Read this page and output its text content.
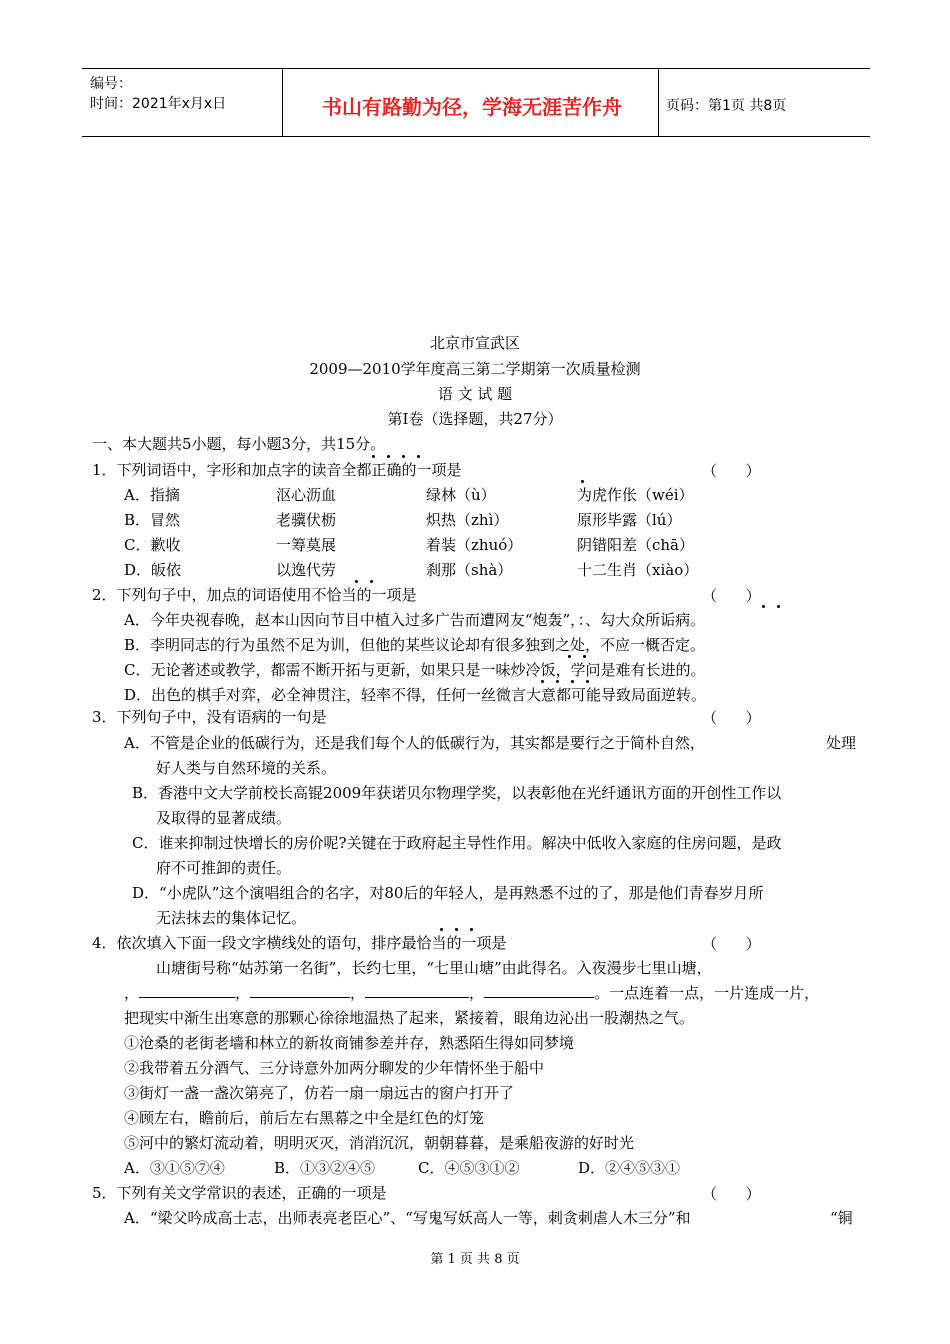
编号：
时间：2021年x月x日	书山有路勤为径，学海无涯苦作舟	页码：第1页 共8页
北京市宣武区
2009—2010学年度高三第二学期第一次质量检测
语 文 试 题
第Ⅰ卷（选择题，共27分）
一、本大题共5小题，每小题3分，共15分。
1．下列词语中，字形和加点字的读音全都正确的一项是	（      ）
A．指摘	沤心沥血	绿林（ù）	为虎作伥（wéi）
B．冒然	老骥伏枥	炽热（zhì）	原形毕露（lú）
C．歉收	一筹莫展	着装（zhuó）	阴错阳差（chā）
D．皈依	以逸代劳	刹那（shà）	十二生肖（xiào）
2．下列句子中，加点的词语使用不恰当的一项是	（      ）
A．今年央视春晚，赵本山因向节目中植入过多广告而遭网友“炮轰”，：、勾大众所诟病。
B．李明同志的行为虽然不足为训，但他的某些议论却有很多独到之处，不应一概否定。
C．无论著述或教学，都需不断开拓与更新，如果只是一味炒冷饭，学问是难有长进的。
D．出色的棋手对弈，必全神贯注，轻率不得，任何一丝微言大意都可能导致局面逆转。
3．下列句子中，没有语病的一句是	（      ）
A．不管是企业的低碳行为，还是我们每个人的低碳行为，其实都是要行之于简朴自然，	处理
好人类与自然环境的关系。
B．香港中文大学前校长高锟2009年获诺贝尔物理学奖，以表彰他在光纤通讯方面的开创性工作以
及取得的显著成绩。
C．谁来抑制过快增长的房价呢?关键在于政府起主导性作用。解决中低收入家庭的住房问题，是政
府不可推卸的责任。
D．“小虎队”这个演唱组合的名字，对80后的年轻人，是再熟悉不过的了，那是他们青春岁月所
无法抹去的集体记忆。
4．依次填入下面一段文字横线处的语句，排序最恰当的一项是	（      ）
山塘街号称“姑苏第一名街”，长约七里，“七里山塘”由此得名。入夜漫步七里山塘，
，	，	，	，	。一点连着一点，一片连成一片，
把现实中渐生出寒意的那颗心徐徐地温热了起来，紧接着，眼角边沁出一股潮热之气。
①沧桑的老街老墙和林立的新妆商铺参差并存，熟悉陌生得如同梦境
②我带着五分酒气、三分诗意外加两分聊发的少年情怀坐于船中
③街灯一盏一盏次第亮了，仿若一扇一扇远古的窗户打开了
④顾左右，瞻前后，前后左右黑幕之中全是红色的灯笼
⑤河中的繁灯流动着，明明灭灭，消消沉沉，朝朝暮暮，是乘船夜游的好时光
A．③①⑤⑦④	B．①③②④⑤	C．④⑤③①②	D．②④⑤③①
5．下列有关文学常识的表述，正确的一项是	（      ）
A．“梁父吟成高士志，出师表亮老臣心”、“写鬼写妖高人一等，刺贪刺虐人木三分”和	“铜
第 1 页 共 8 页
